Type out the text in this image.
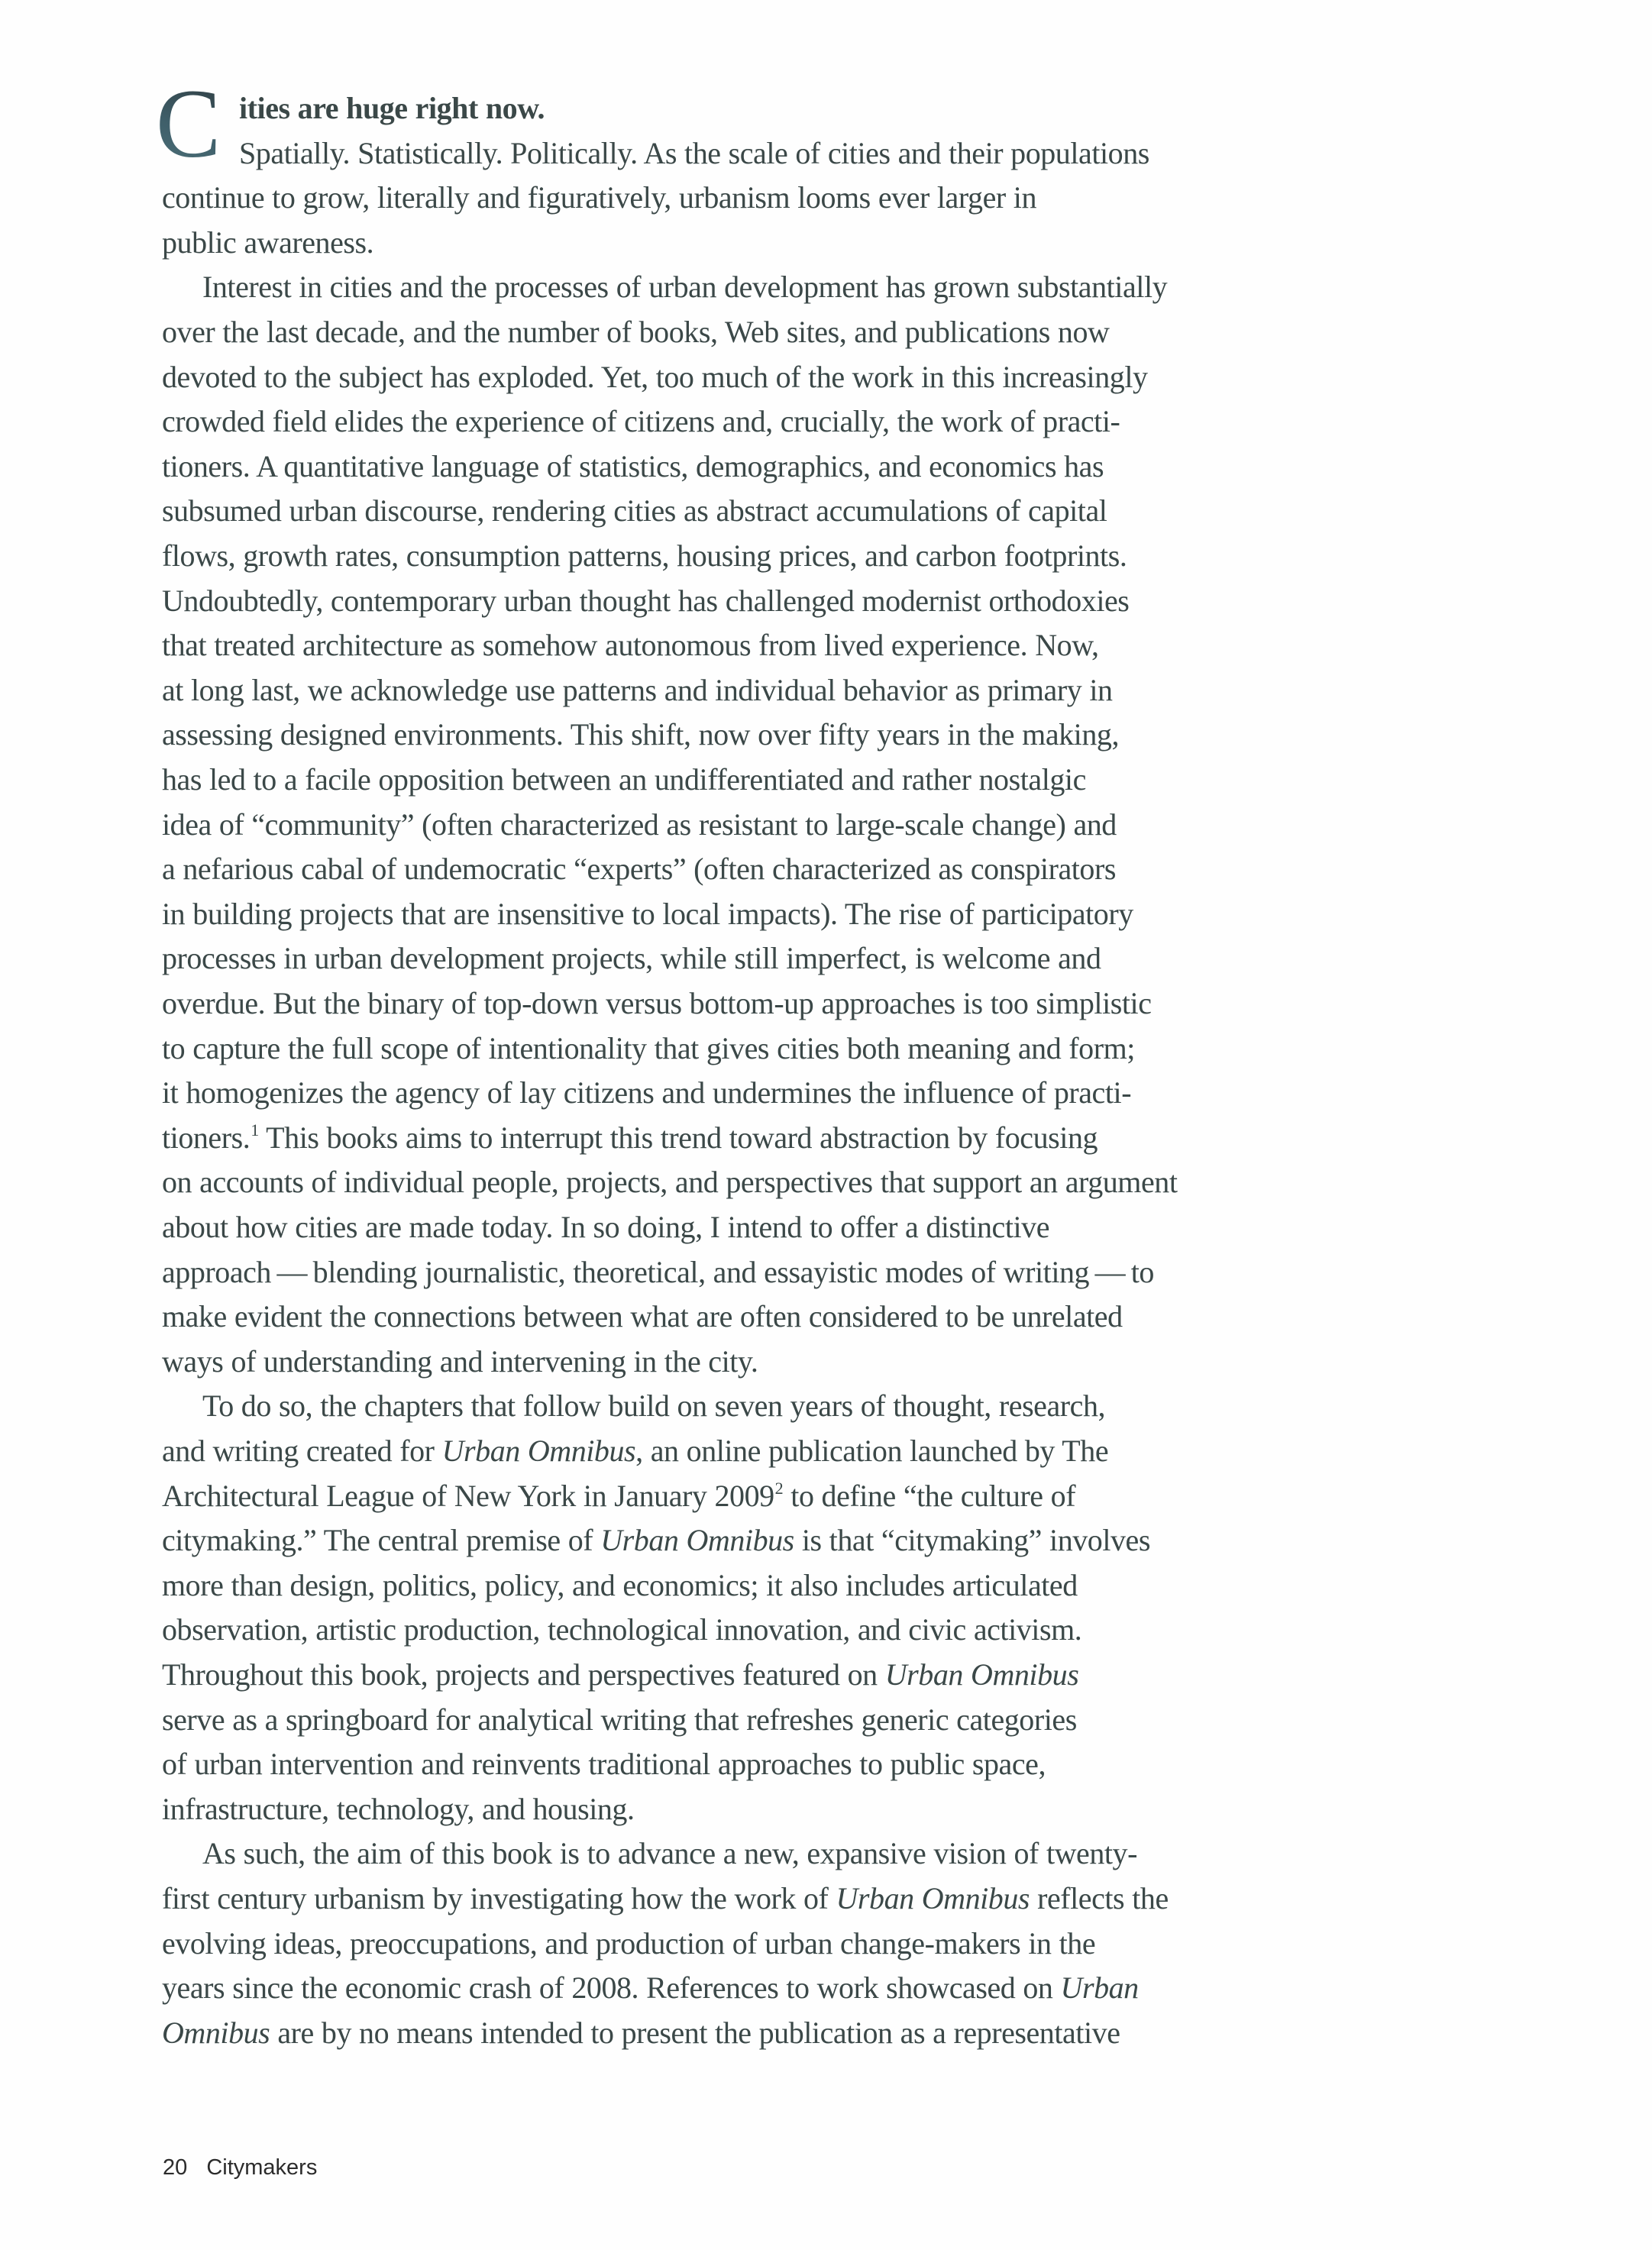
C ities are huge right now.
Spatially. Statistically. Politically. As the scale of cities and their populations
continue to grow, literally and figuratively, urbanism looms ever larger in
public awareness.
Interest in cities and the processes of urban development has grown substantially
over the last decade, and the number of books, Web sites, and publications now
devoted to the subject has exploded. Yet, too much of the work in this increasingly
crowded field elides the experience of citizens and, crucially, the work of practi-
tioners. A quantitative language of statistics, demographics, and economics has
subsumed urban discourse, rendering cities as abstract accumulations of capital
flows, growth rates, consumption patterns, housing prices, and carbon footprints.
Undoubtedly, contemporary urban thought has challenged modernist orthodoxies
that treated architecture as somehow autonomous from lived experience. Now,
at long last, we acknowledge use patterns and individual behavior as primary in
assessing designed environments. This shift, now over fifty years in the making,
has led to a facile opposition between an undifferentiated and rather nostalgic
idea of “community” (often characterized as resistant to large-scale change) and
a nefarious cabal of undemocratic “experts” (often characterized as conspirators
in building projects that are insensitive to local impacts). The rise of participatory
processes in urban development projects, while still imperfect, is welcome and
overdue. But the binary of top-down versus bottom-up approaches is too simplistic
to capture the full scope of intentionality that gives cities both meaning and form;
it homogenizes the agency of lay citizens and undermines the influence of practi-
tioners.$^1$ This books aims to interrupt this trend toward abstraction by focusing
on accounts of individual people, projects, and perspectives that support an argument
about how cities are made today. In so doing, I intend to offer a distinctive
approach — blending journalistic, theoretical, and essayistic modes of writing — to
make evident the connections between what are often considered to be unrelated
ways of understanding and intervening in the city.
To do so, the chapters that follow build on seven years of thought, research,
and writing created for Urban Omnibus, an online publication launched by The
Architectural League of New York in January 2009$^2$ to define “the culture of
citymaking.” The central premise of Urban Omnibus is that “citymaking” involves
more than design, politics, policy, and economics; it also includes articulated
observation, artistic production, technological innovation, and civic activism.
Throughout this book, projects and perspectives featured on Urban Omnibus
serve as a springboard for analytical writing that refreshes generic categories
of urban intervention and reinvents traditional approaches to public space,
infrastructure, technology, and housing.
As such, the aim of this book is to advance a new, expansive vision of twenty-
first century urbanism by investigating how the work of Urban Omnibus reflects the
evolving ideas, preoccupations, and production of urban change-makers in the
years since the economic crash of 2008. References to work showcased on Urban
Omnibus are by no means intended to present the publication as a representative
20 Citymakers
